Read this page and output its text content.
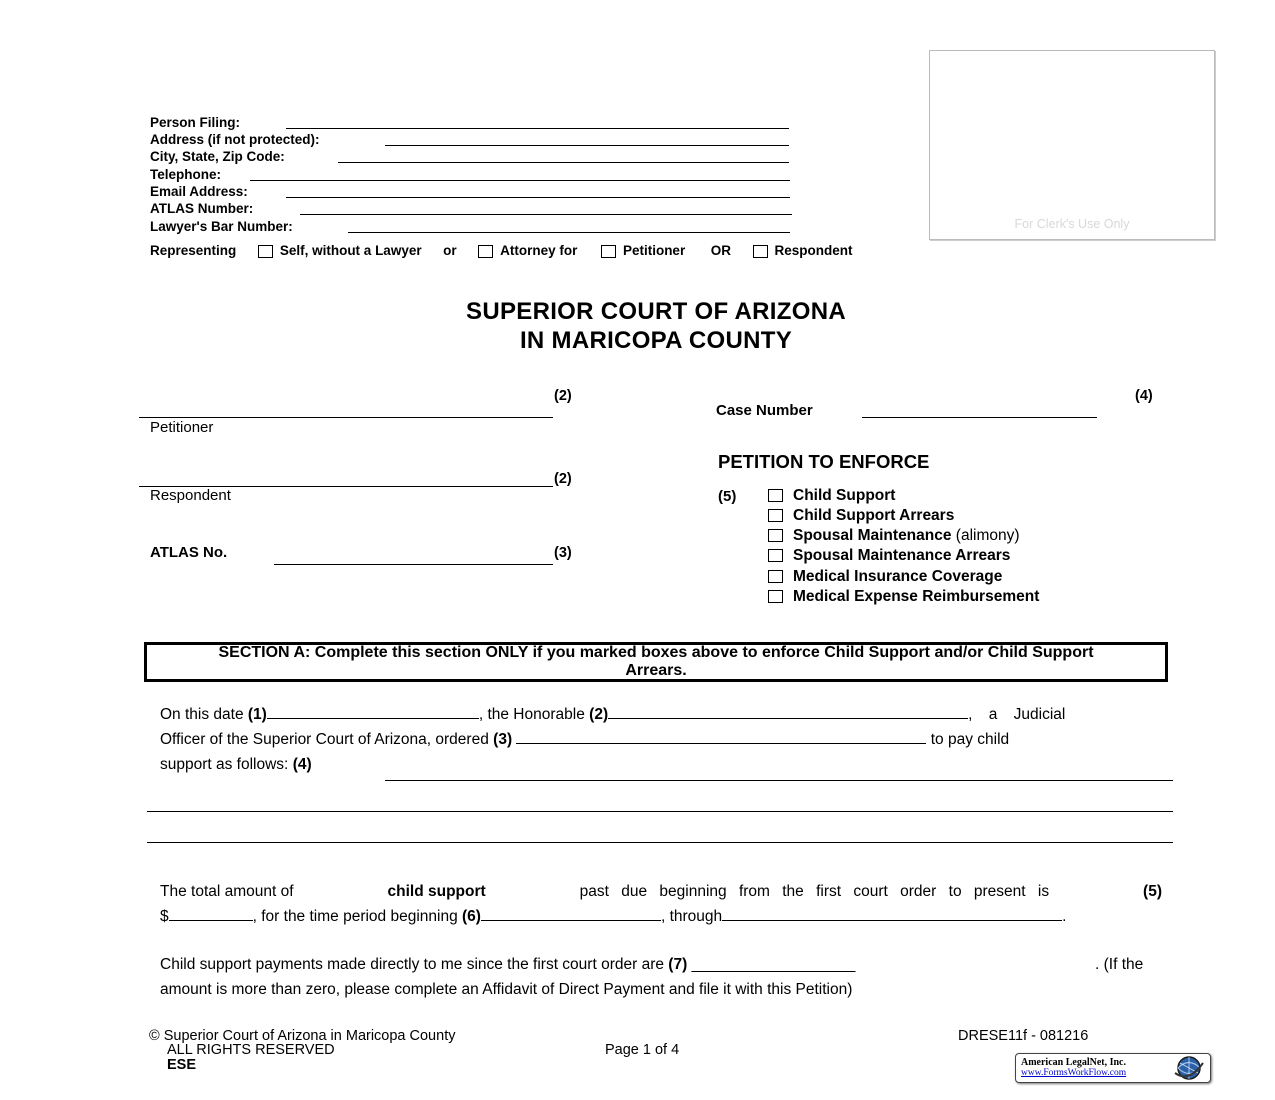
For Clerk's Use Only
Person Filing:
Address (if not protected):
City, State, Zip Code:
Telephone:
Email Address:
ATLAS Number:
Lawyer's Bar Number:
Representing	Self, without a Lawyer or	Attorney for	Petitioner OR	Respondent
SUPERIOR COURT OF ARIZONA
IN MARICOPA COUNTY
(2)
Petitioner
(2)
Respondent
ATLAS No.	(3)
(4)
Case Number
PETITION TO ENFORCE
(5)	Child Support
Child Support Arrears
Spousal Maintenance (alimony)
Spousal Maintenance Arrears
Medical Insurance Coverage
Medical Expense Reimbursement
SECTION A: Complete this section ONLY if you marked boxes above to enforce Child Support and/or Child Support Arrears.
On this date (1)	, the Honorable (2)	, a Judicial
Officer of the Superior Court of Arizona, ordered (3)	to pay child
support as follows: (4)
The total amount of	child support	past due beginning from the first court order to present is	(5)
$	, for the time period beginning (6)	, through	.
Child support payments made directly to me since the first court order are (7) ___________________	. (If the amount is more than zero, please complete an Affidavit of Direct Payment and file it with this Petition)
© Superior Court of Arizona in Maricopa County
ALL RIGHTS RESERVED
ESE
Page 1 of 4
DRESE11f - 081216
American LegalNet, Inc.
www.FormsWorkFlow.com
